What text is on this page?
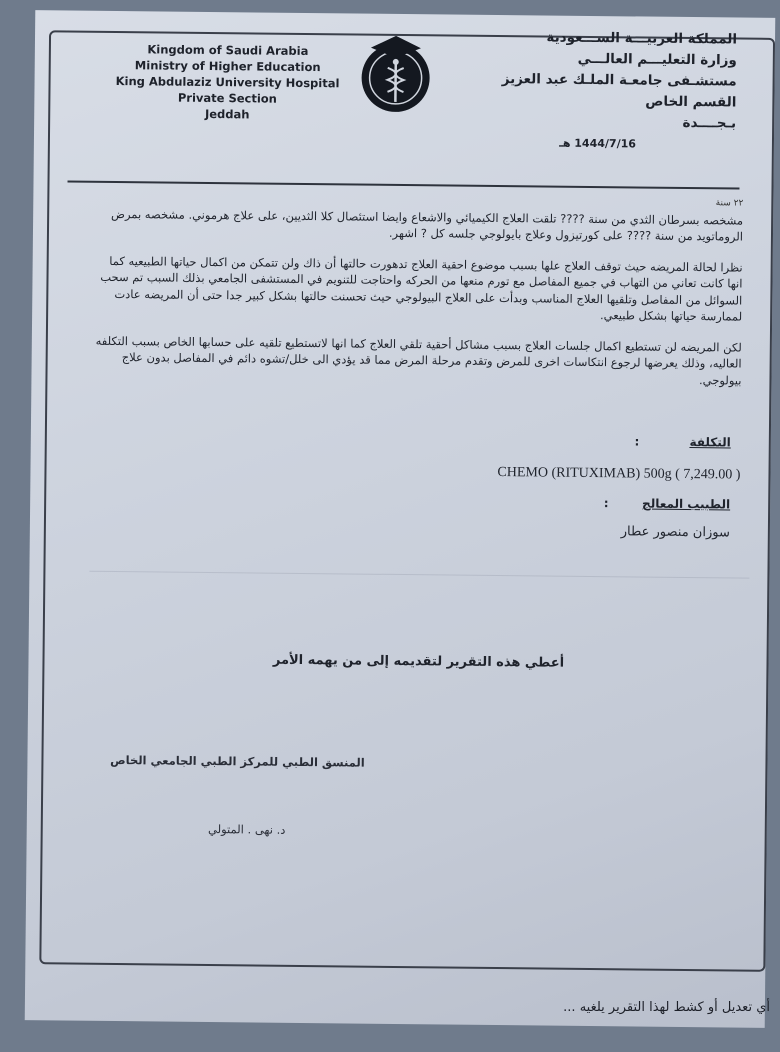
Kingdom of Saudi Arabia
Ministry of Higher Education
King Abdulaziz University Hospital
Private Section
Jeddah
المملكة العربيـــة الســـعودية
وزارة التعليـــم العالـــي
مستشـفى جامعـة الملـك عبد العزيز
القسم الخاص
بـجــــدة
1444/7/16 هـ
٢٢ سنة

مشخصه بسرطان الثدي من سنة ???? تلقت العلاج الكيميائي والاشعاع وايضا استئصال كلا الثديين، على علاج هرموني. مشخصه بمرض الروماتويد من سنة ???? على كورتيزول وعلاج بايولوجي جلسه كل ? اشهر.

نظرا لحالة المريضه حيث توقف العلاج علها بسبب موضوع احقية العلاج تدهورت حالتها أن ذاك ولن تتمكن من اكمال حياتها الطبيعيه كما انها كانت تعاني من التهاب في جميع المفاصل مع تورم منعها من الحركه واحتاجت للتنويم في المستشفى الجامعي بذلك السبب تم سحب السوائل من المفاصل وتلقيها العلاج المناسب وبدأت على العلاج البيولوجي حيث تحسنت حالتها بشكل كبير جدا حتى أن المريضه عادت لممارسة حياتها بشكل طبيعي.

لكن المريضه لن تستطيع اكمال جلسات العلاج بسبب مشاكل أحقية تلقي العلاج كما انها لاتستطيع تلقيه على حسابها الخاص بسبب التكلفه العاليه، وذلك يعرضها لرجوع انتكاسات اخرى للمرض وتقدم مرحلة المرض مما قد يؤدي الى خلل/تشوه دائم في المفاصل بدون علاج بيولوجي.

التكلفة            :
CHEMO (RITUXIMAB) 500g ( 7,249.00 )
الطبيب المعالج        :
سوزان منصور عطار
أعطي هذه التقرير لتقديمه إلى من يهمه الأمر
المنسق الطبي للمركز الطبي الجامعي الخاص
د. نهى . المتولي
أي تعديل أو كشط لهذا التقرير يلغيه ...
